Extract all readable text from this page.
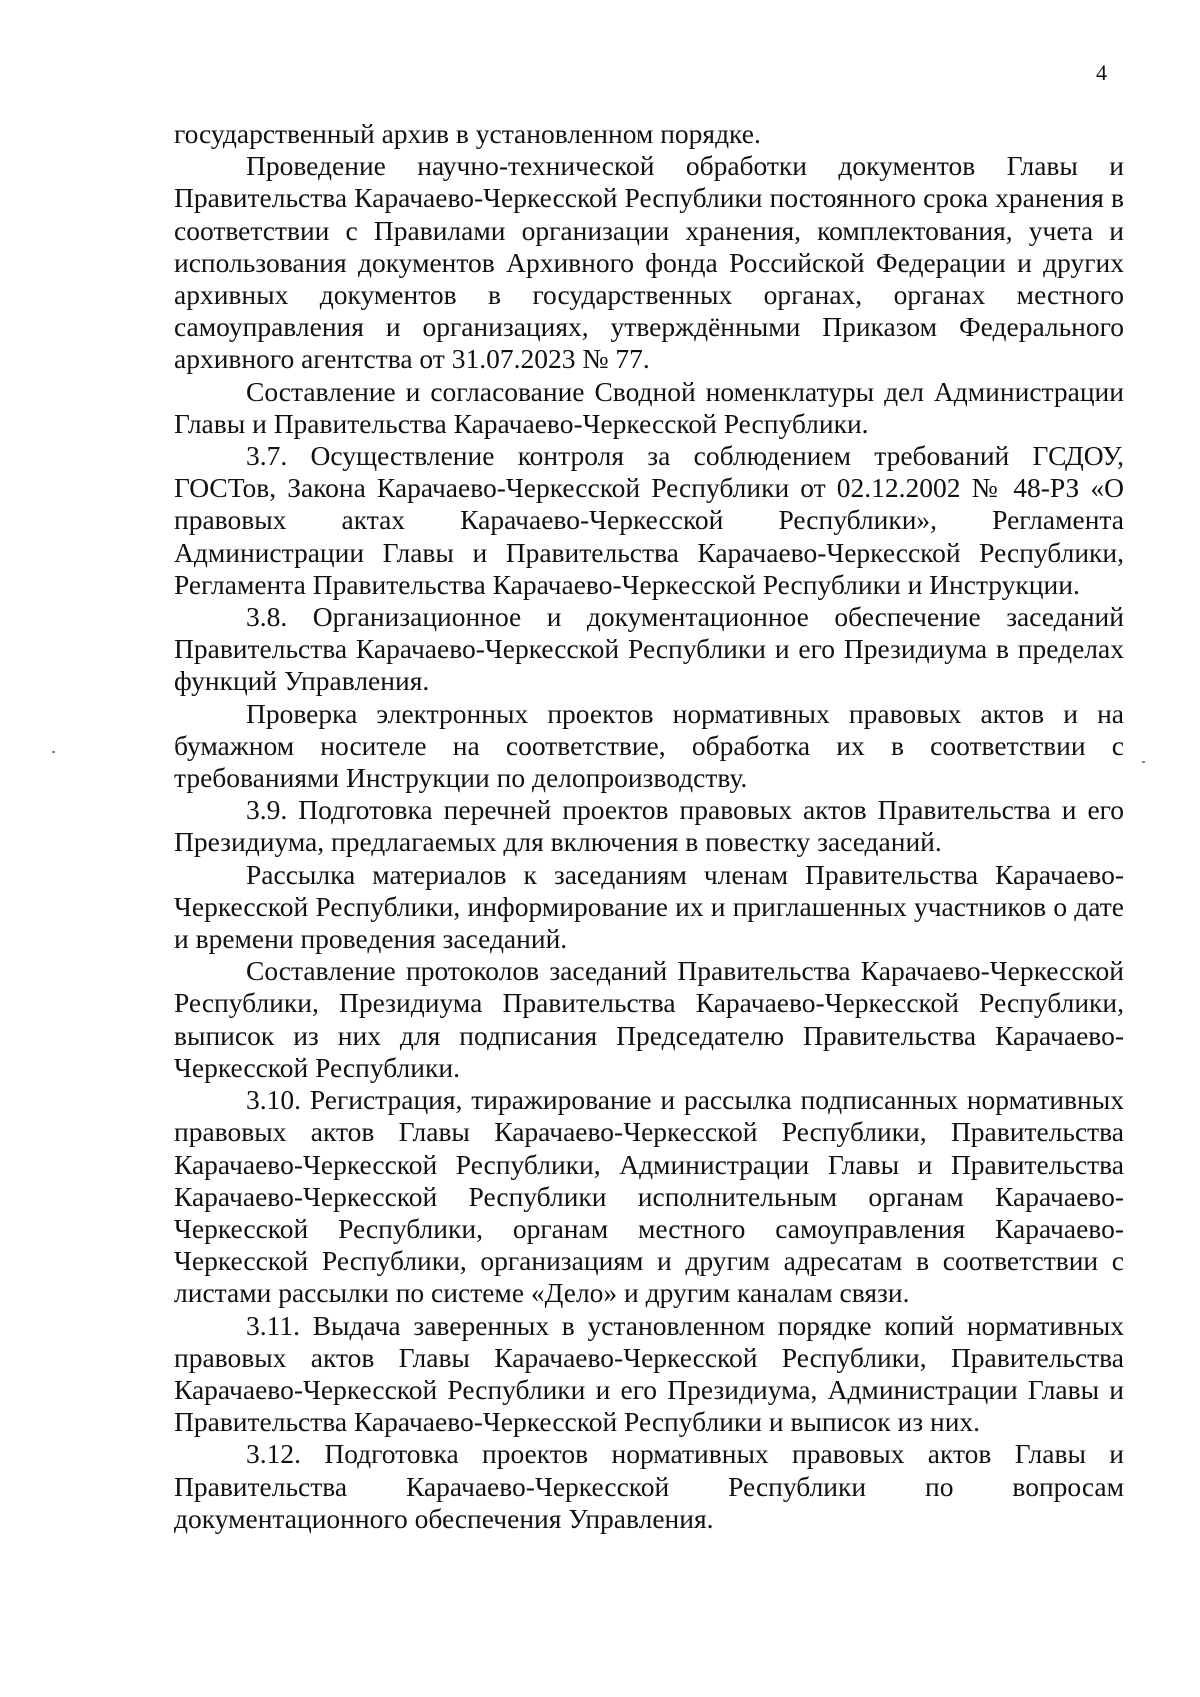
4

государственный архив в установленном порядке.

Проведение научно-технической обработки документов Главы и Правительства Карачаево-Черкесской Республики постоянного срока хранения в соответствии с Правилами организации хранения, комплектования, учета и использования документов Архивного фонда Российской Федерации и других архивных документов в государственных органах, органах местного самоуправления и организациях, утверждёнными Приказом Федерального архивного агентства от 31.07.2023 № 77.

Составление и согласование Сводной номенклатуры дел Администрации Главы и Правительства Карачаево-Черкесской Республики.

3.7. Осуществление контроля за соблюдением требований ГСДОУ, ГОСТов, Закона Карачаево-Черкесской Республики от 02.12.2002 № 48-РЗ «О правовых актах Карачаево-Черкесской Республики», Регламента Администрации Главы и Правительства Карачаево-Черкесской Республики, Регламента Правительства Карачаево-Черкесской Республики и Инструкции.

3.8. Организационное и документационное обеспечение заседаний Правительства Карачаево-Черкесской Республики и его Президиума в пределах функций Управления.

Проверка электронных проектов нормативных правовых актов и на бумажном носителе на соответствие, обработка их в соответствии с требованиями Инструкции по делопроизводству.

3.9. Подготовка перечней проектов правовых актов Правительства и его Президиума, предлагаемых для включения в повестку заседаний.

Рассылка материалов к заседаниям членам Правительства Карачаево-Черкесской Республики, информирование их и приглашенных участников о дате и времени проведения заседаний.

Составление протоколов заседаний Правительства Карачаево-Черкесской Республики, Президиума Правительства Карачаево-Черкесской Республики, выписок из них для подписания Председателю Правительства Карачаево-Черкесской Республики.

3.10. Регистрация, тиражирование и рассылка подписанных нормативных правовых актов Главы Карачаево-Черкесской Республики, Правительства Карачаево-Черкесской Республики, Администрации Главы и Правительства Карачаево-Черкесской Республики исполнительным органам Карачаево-Черкесской Республики, органам местного самоуправления Карачаево-Черкесской Республики, организациям и другим адресатам в соответствии с листами рассылки по системе «Дело» и другим каналам связи.

3.11. Выдача заверенных в установленном порядке копий нормативных правовых актов Главы Карачаево-Черкесской Республики, Правительства Карачаево-Черкесской Республики и его Президиума, Администрации Главы и Правительства Карачаево-Черкесской Республики и выписок из них.

3.12. Подготовка проектов нормативных правовых актов Главы и Правительства Карачаево-Черкесской Республики по вопросам документационного обеспечения Управления.
